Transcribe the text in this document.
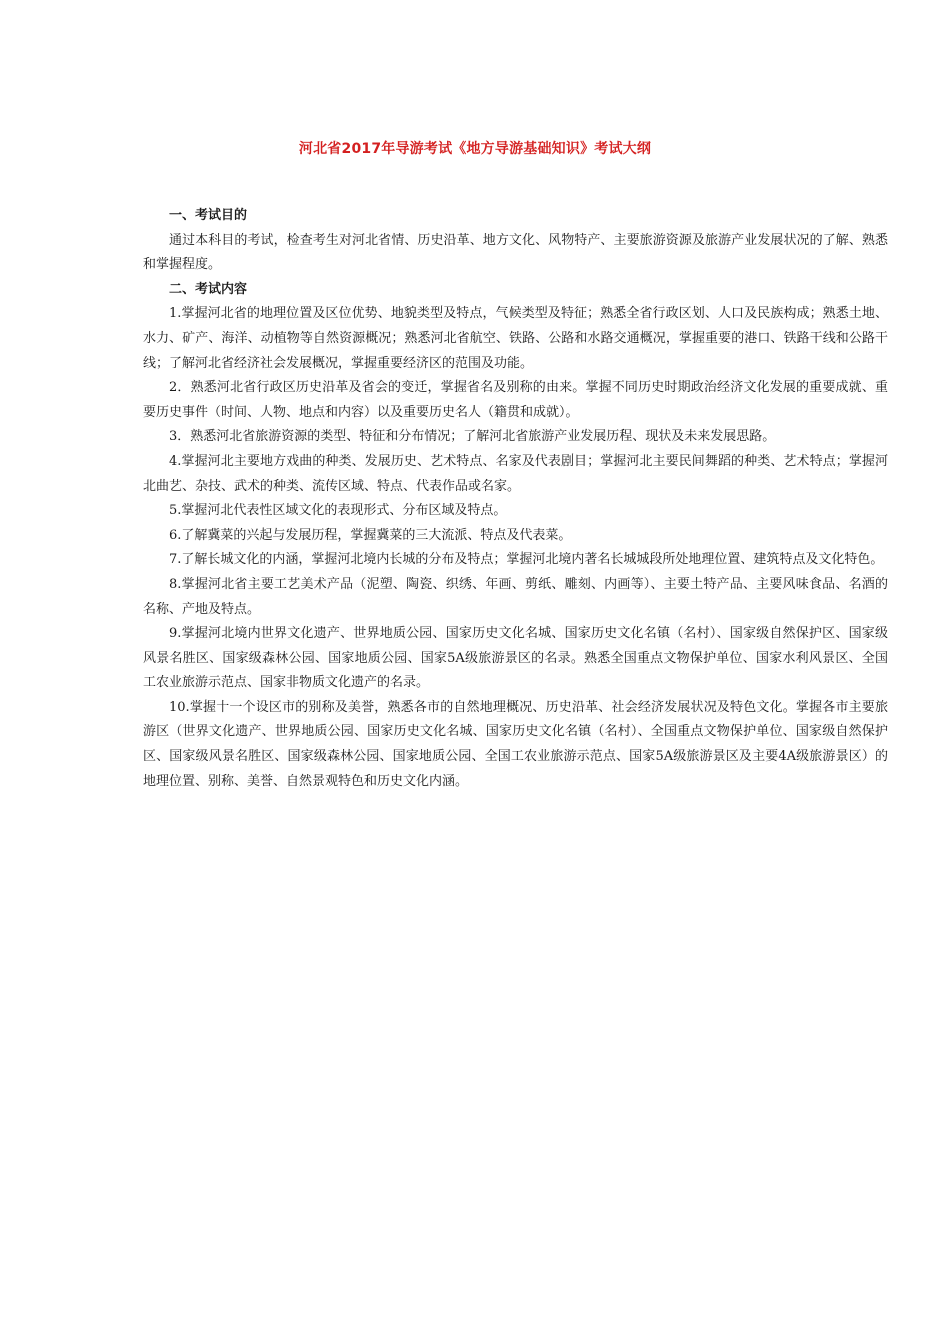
河北省2017年导游考试《地方导游基础知识》考试大纲

一、考试目的

通过本科目的考试，检查考生对河北省情、历史沿革、地方文化、风物特产、主要旅游资源及旅游产业发展状况的了解、熟悉和掌握程度。

二、考试内容

1.掌握河北省的地理位置及区位优势、地貌类型及特点，气候类型及特征；熟悉全省行政区划、人口及民族构成；熟悉土地、水力、矿产、海洋、动植物等自然资源概况；熟悉河北省航空、铁路、公路和水路交通概况，掌握重要的港口、铁路干线和公路干线；了解河北省经济社会发展概况，掌握重要经济区的范围及功能。

2．熟悉河北省行政区历史沿革及省会的变迁，掌握省名及别称的由来。掌握不同历史时期政治经济文化发展的重要成就、重要历史事件（时间、人物、地点和内容）以及重要历史名人（籍贯和成就）。

3．熟悉河北省旅游资源的类型、特征和分布情况；了解河北省旅游产业发展历程、现状及未来发展思路。

4.掌握河北主要地方戏曲的种类、发展历史、艺术特点、名家及代表剧目；掌握河北主要民间舞蹈的种类、艺术特点；掌握河北曲艺、杂技、武术的种类、流传区域、特点、代表作品或名家。

5.掌握河北代表性区域文化的表现形式、分布区域及特点。

6.了解冀菜的兴起与发展历程，掌握冀菜的三大流派、特点及代表菜。

7.了解长城文化的内涵，掌握河北境内长城的分布及特点；掌握河北境内著名长城城段所处地理位置、建筑特点及文化特色。

8.掌握河北省主要工艺美术产品（泥塑、陶瓷、织绣、年画、剪纸、雕刻、内画等）、主要土特产品、主要风味食品、名酒的名称、产地及特点。

9.掌握河北境内世界文化遗产、世界地质公园、国家历史文化名城、国家历史文化名镇（名村）、国家级自然保护区、国家级风景名胜区、国家级森林公园、国家地质公园、国家5A级旅游景区的名录。熟悉全国重点文物保护单位、国家水利风景区、全国工农业旅游示范点、国家非物质文化遗产的名录。

10.掌握十一个设区市的别称及美誉，熟悉各市的自然地理概况、历史沿革、社会经济发展状况及特色文化。掌握各市主要旅游区（世界文化遗产、世界地质公园、国家历史文化名城、国家历史文化名镇（名村）、全国重点文物保护单位、国家级自然保护区、国家级风景名胜区、国家级森林公园、国家地质公园、全国工农业旅游示范点、国家5A级旅游景区及主要4A级旅游景区）的地理位置、别称、美誉、自然景观特色和历史文化内涵。
